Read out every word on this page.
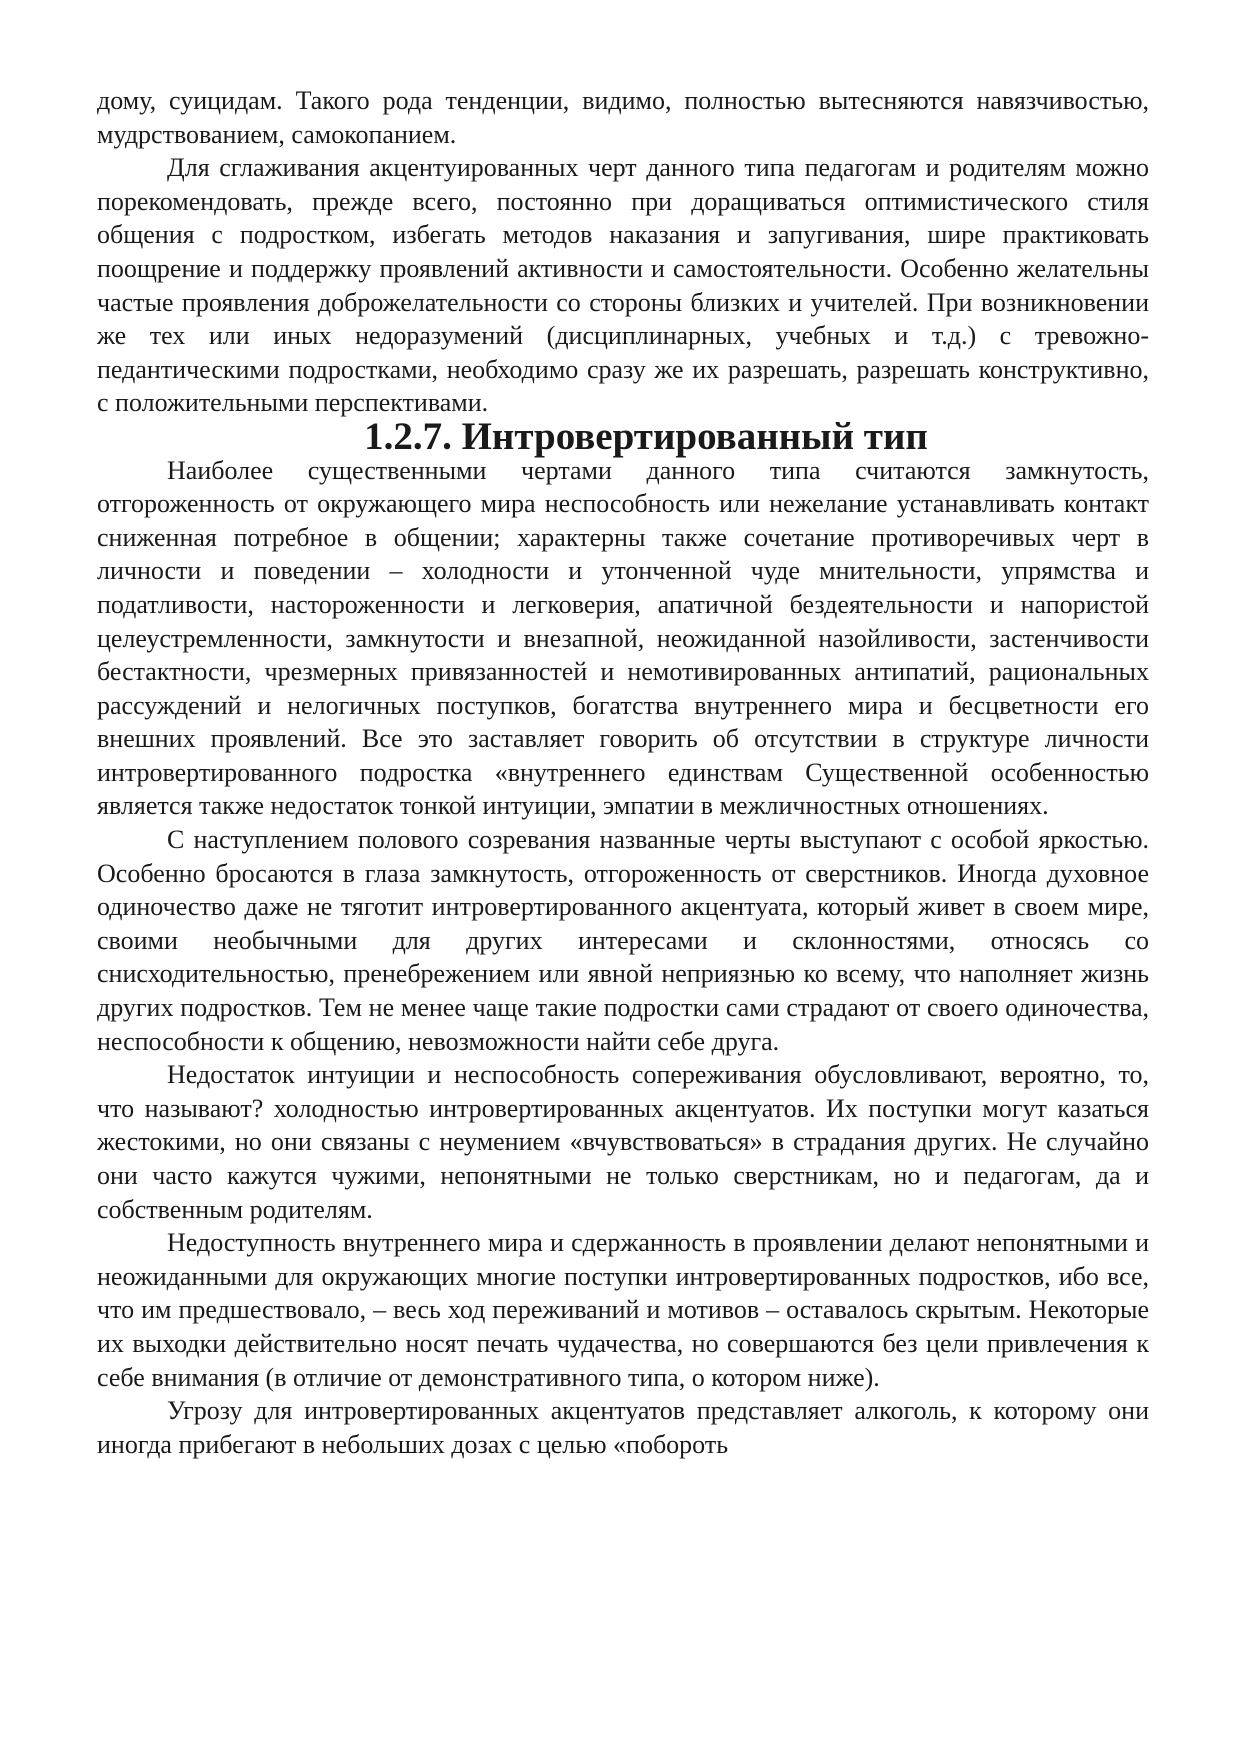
дому, суицидам. Такого рода тенденции, видимо, полностью вытесняются навязчивостью, мудрствованием, самокопанием.

Для сглаживания акцентуированных черт данного типа педагогам и родителям можно порекомендовать, прежде всего, постоянно при доращиваться оптимистического стиля общения с подростком, избегать методов наказания и запугивания, шире практиковать поощрение и поддержку проявлений активности и самостоятельности. Особенно желательны частые проявления доброжелательности со стороны близких и учителей. При возникновении же тех или иных недоразумений (дисциплинарных, учебных и т.д.) с тревожно-педантическими подростками, необходимо сразу же их разрешать, разрешать конструктивно, с положительными перспективами.

1.2.7. Интровертированный тип

Наиболее существенными чертами данного типа считаются замкнутость, отгороженность от окружающего мира неспособность или нежелание устанавливать контакт сниженная потребное в общении; характерны также сочетание противоречивых черт в личности и поведении – холодности и утонченной чуде мнительности, упрямства и податливости, настороженности и легковерия, апатичной бездеятельности и напористой целеустремленности, замкнутости и внезапной, неожиданной назойливости, застенчивости бестактности, чрезмерных привязанностей и немотивированных антипатий, рациональных рассуждений и нелогичных поступков, богатства внутреннего мира и бесцветности его внешних проявлений. Все это заставляет говорить об отсутствии в структуре личности интровертированного подростка «внутреннего единствам Существенной особенностью является также недостаток тонкой интуиции, эмпатии в межличностных отношениях.

С наступлением полового созревания названные черты выступают с особой яркостью. Особенно бросаются в глаза замкнутость, отгороженность от сверстников. Иногда духовное одиночество даже не тяготит интровертированного акцентуата, который живет в своем мире, своими необычными для других интересами и склонностями, относясь со снисходительностью, пренебрежением или явной неприязнью ко всему, что наполняет жизнь других подростков. Тем не менее чаще такие подростки сами страдают от своего одиночества, неспособности к общению, невозможности найти себе друга.

Недостаток интуиции и неспособность сопереживания обусловливают, вероятно, то, что называют? холодностью интровертированных акцентуатов. Их поступки могут казаться жестокими, но они связаны с неумением «вчувствоваться» в страдания других. Не случайно они часто кажутся чужими, непонятными не только сверстникам, но и педагогам, да и собственным родителям.

Недоступность внутреннего мира и сдержанность в проявлении делают непонятными и неожиданными для окружающих многие поступки интровертированных подростков, ибо все, что им предшествовало, – весь ход переживаний и мотивов – оставалось скрытым. Некоторые их выходки действительно носят печать чудачества, но совершаются без цели привлечения к себе внимания (в отличие от демонстративного типа, о котором ниже).

Угрозу для интровертированных акцентуатов представляет алкоголь, к которому они иногда прибегают в небольших дозах с целью «побороть
